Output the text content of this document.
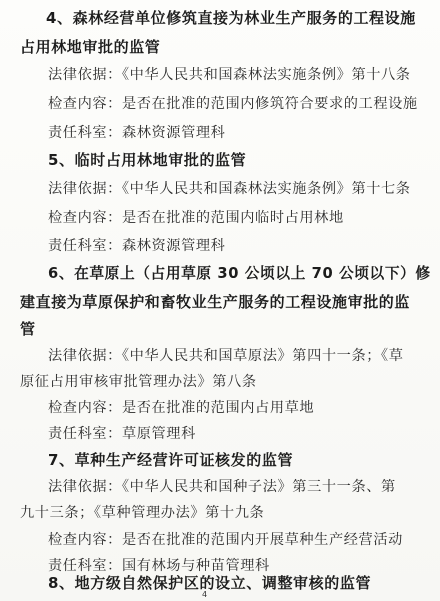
4、森林经营单位修筑直接为林业生产服务的工程设施
占用林地审批的监管
法律依据：《中华人民共和国森林法实施条例》第十八条
检查内容：是否在批准的范围内修筑符合要求的工程设施
责任科室：森林资源管理科
5、临时占用林地审批的监管
法律依据：《中华人民共和国森林法实施条例》第十七条
检查内容：是否在批准的范围内临时占用林地
责任科室：森林资源管理科
6、在草原上（占用草原 30 公顷以上 70 公顷以下）修
建直接为草原保护和畜牧业生产服务的工程设施审批的监
管
法律依据：《中华人民共和国草原法》第四十一条；《草
原征占用审核审批管理办法》第八条
检查内容：是否在批准的范围内占用草地
责任科室：草原管理科
7、草种生产经营许可证核发的监管
法律依据：《中华人民共和国种子法》第三十一条、第
九十三条；《草种管理办法》第十九条
检查内容：是否在批准的范围内开展草种生产经营活动
责任科室：国有林场与种苗管理科
8、地方级自然保护区的设立、调整审核的监管
4
